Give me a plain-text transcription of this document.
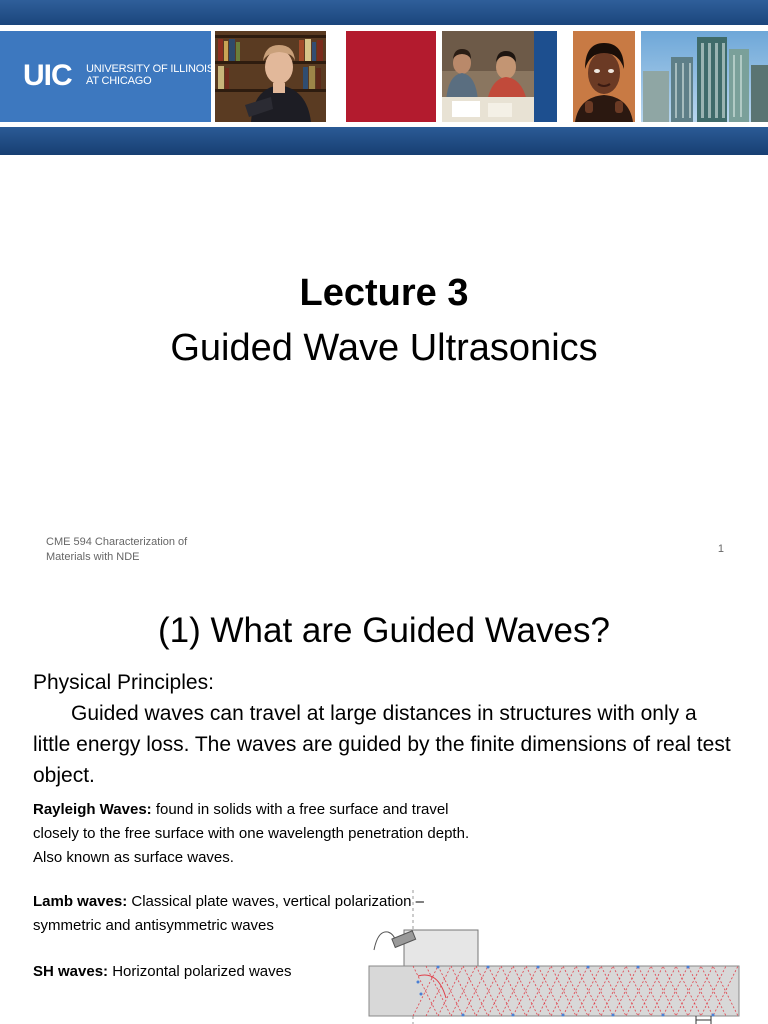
UIC UNIVERSITY OF ILLINOIS
AT CHICAGO
Lecture 3
Guided Wave Ultrasonics
CME 594 Characterization of
Materials with NDE
1
(1) What are Guided Waves?
Physical Principles:
Guided waves can travel at large distances in structures with only a little energy loss. The waves are guided by the finite dimensions of real test object.
Rayleigh Waves: found in solids with a free surface and travel closely to the free surface with one wavelength penetration depth. Also known as surface waves.
Lamb waves: Classical plate waves, vertical polarization – symmetric and antisymmetric waves
SH waves: Horizontal polarized waves
